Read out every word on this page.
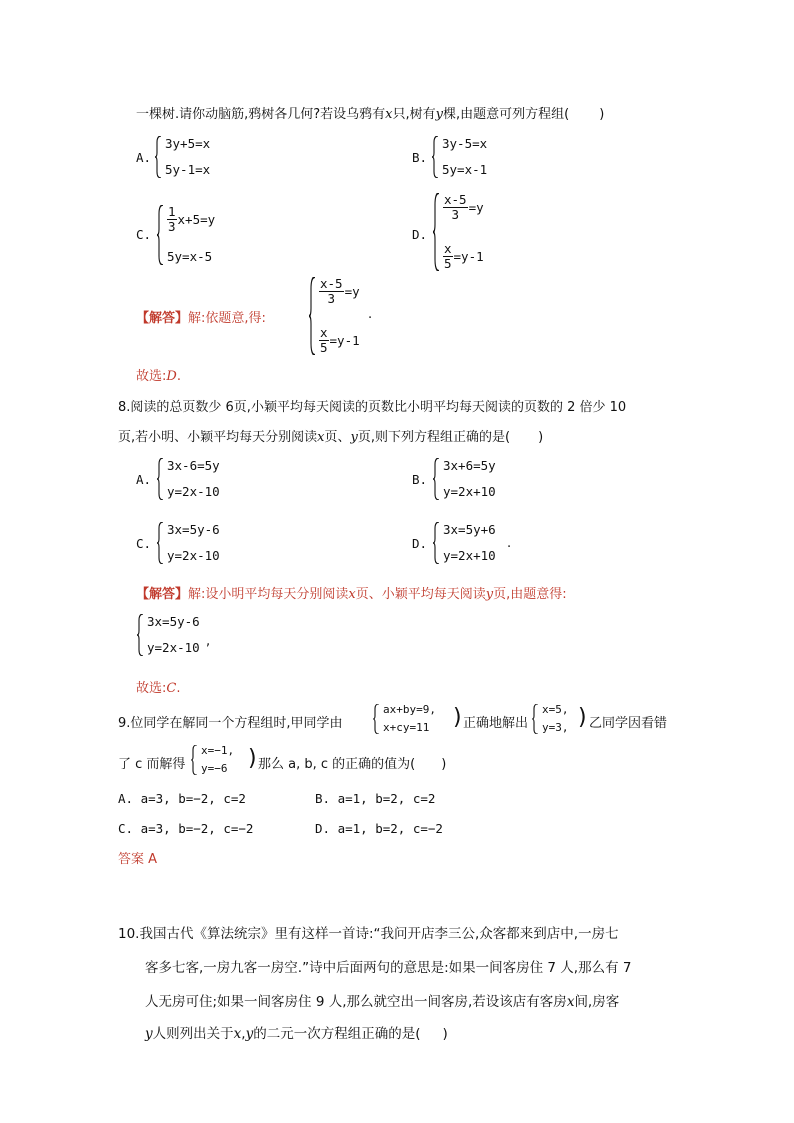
一棵树.请你动脑筋,鸦树各几何?若设乌鸦有x只,树有y棵,由题意可列方程组( )
A.
3y+5=x
5y-1=x
B.
3y-5=x
5y=x-1
C.
$\frac{1}{3} x+5=y$
5y=x-5
D.
$\frac{x-5}{3} =y$
$\frac{x}{5} =y-1$
【解答】解:依题意,得:
$\frac{x-5}{3} =y$
$\frac{x}{5} =y-1$
.
故选:D.
8.阅读的总页数少 6页,小颖平均每天阅读的页数比小明平均每天阅读的页数的 2 倍少 10
页,若小明、小颖平均每天分别阅读x页、y页,则下列方程组正确的是( )
A.
3x-6=5y
y=2x-10
B.
3x+6=5y
y=2x+10
C.
3x=5y-6
y=2x-10
D.
3x=5y+6
y=2x+10
.
【解答】解:设小明平均每天分别阅读x页、小颖平均每天阅读y页,由题意得:
3x=5y-6
y=2x-10 ,
故选:C.
9.位同学在解同一个方程组时,甲同学由
ax+by=9,
x+cy=11	) 正确地解出
x=5,
y=3, ) 乙同学因看错
了 c 而解得
x=−1,
y=−6 ) 那么 a, b, c 的正确的值为( )
A. a=3, b=−2, c=2	B. a=1, b=2, c=2
C. a=3, b=−2, c=−2	D. a=1, b=2, c=−2
答案 A
10.我国古代《算法统宗》里有这样一首诗:“我问开店李三公,众客都来到店中,一房七
客多七客,一房九客一房空.”诗中后面两句的意思是:如果一间客房住 7 人,那么有 7
人无房可住;如果一间客房住 9 人,那么就空出一间客房,若设该店有客房x间,房客
y人则列出关于x,y的二元一次方程组正确的是( )
